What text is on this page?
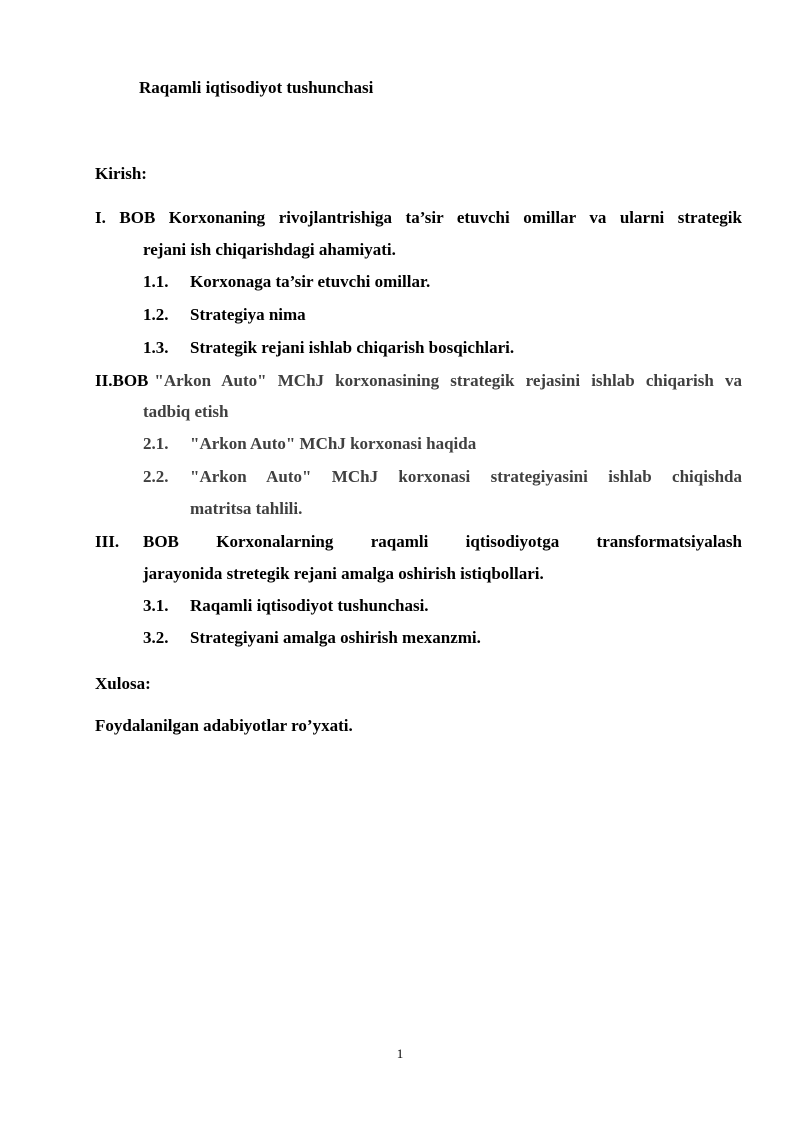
Raqamli iqtisodiyot tushunchasi
Kirish:
I. BOB Korxonaning rivojlantrishiga ta’sir etuvchi omillar va ularni strategik
rejani ish chiqarishdagi ahamiyati.
1.1. Korxonaga ta’sir etuvchi omillar.
1.2. Strategiya nima
1.3. Strategik rejani ishlab chiqarish bosqichlari.
II.BOB "Arkon Auto" MChJ korxonasining strategik rejasini ishlab chiqarish va
tadbiq etish
2.1. "Arkon Auto" MChJ korxonasi haqida
2.2. "Arkon Auto" MChJ korxonasi strategiyasini ishlab chiqishda
matritsa tahlili.
III. BOB Korxonalarning raqamli iqtisodiyotga transformatsiyalash
jarayonida stretegik rejani amalga oshirish istiqbollari.
3.1. Raqamli iqtisodiyot tushunchasi.
3.2. Strategiyani amalga oshirish mexanzmi.
Xulosa:
Foydalanilgan adabiyotlar ro’yxati.
1
